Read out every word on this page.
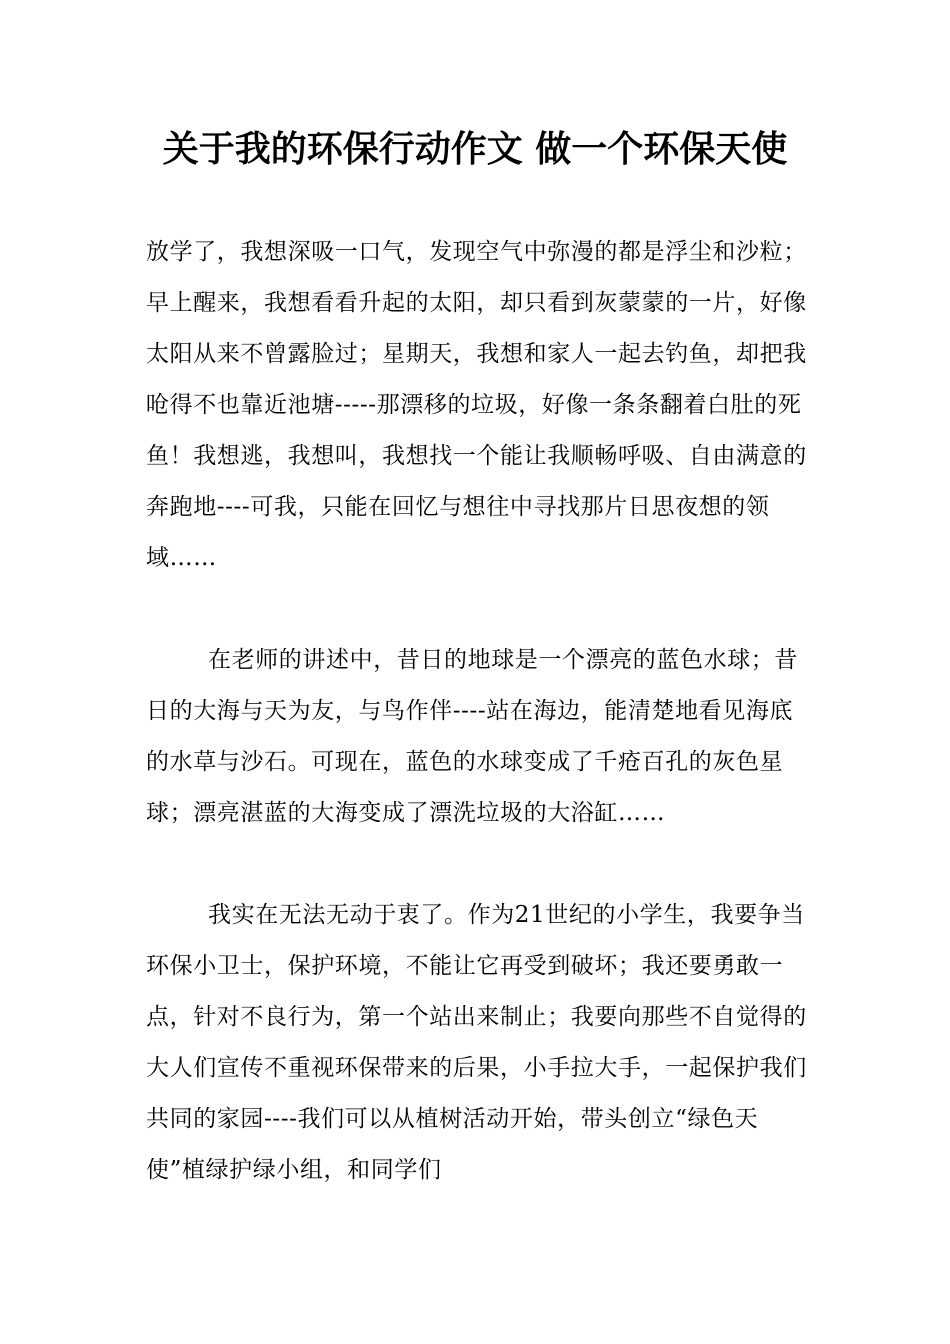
关于我的环保行动作文 做一个环保天使

放学了，我想深吸一口气，发现空气中弥漫的都是浮尘和沙粒；早上醒来，我想看看升起的太阳，却只看到灰蒙蒙的一片，好像太阳从来不曾露脸过；星期天，我想和家人一起去钓鱼，却把我呛得不也靠近池塘-----那漂移的垃圾，好像一条条翻着白肚的死鱼！我想逃，我想叫，我想找一个能让我顺畅呼吸、自由满意的奔跑地----可我，只能在回忆与想往中寻找那片日思夜想的领域……

在老师的讲述中，昔日的地球是一个漂亮的蓝色水球；昔日的大海与天为友，与鸟作伴----站在海边，能清楚地看见海底的水草与沙石。可现在，蓝色的水球变成了千疮百孔的灰色星球；漂亮湛蓝的大海变成了漂洗垃圾的大浴缸……

我实在无法无动于衷了。作为21世纪的小学生，我要争当环保小卫士，保护环境，不能让它再受到破坏；我还要勇敢一点，针对不良行为，第一个站出来制止；我要向那些不自觉得的大人们宣传不重视环保带来的后果，小手拉大手，一起保护我们共同的家园----我们可以从植树活动开始，带头创立“绿色天使”植绿护绿小组，和同学们
